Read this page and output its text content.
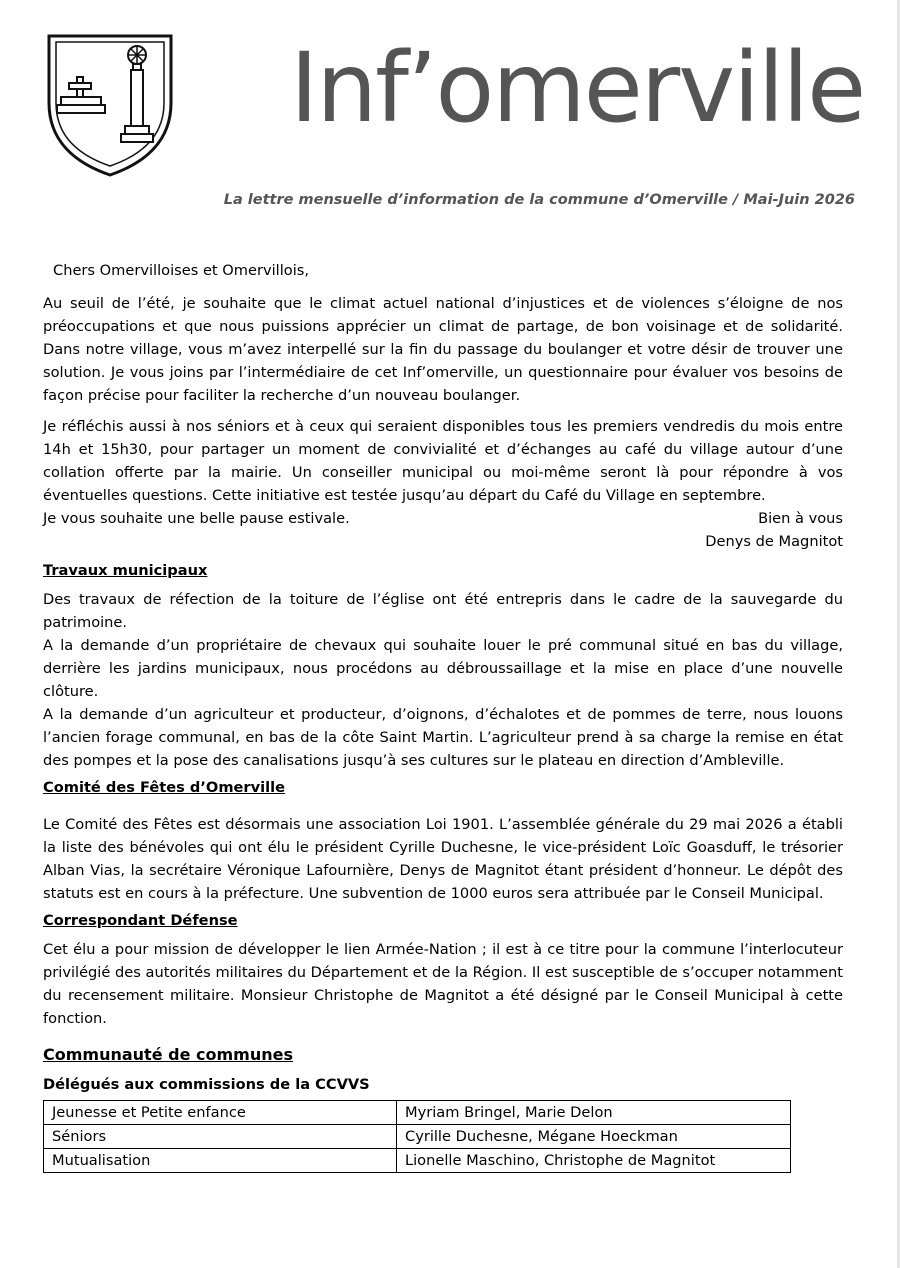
Inf’omerville
La lettre mensuelle d’information de la commune d’Omerville / Mai-Juin 2026
Chers Omervilloises et Omervillois,

Au seuil de l’été, je souhaite que le climat actuel national d’injustices et de violences s’éloigne de nos préoccupations et que nous puissions apprécier un climat de partage, de bon voisinage et de solidarité. Dans notre village, vous m’avez interpellé sur la fin du passage du boulanger et votre désir de trouver une solution. Je vous joins par l’intermédiaire de cet Inf’omerville, un questionnaire pour évaluer vos besoins de façon précise pour faciliter la recherche d’un nouveau boulanger.

Je réfléchis aussi à nos séniors et à ceux qui seraient disponibles tous les premiers vendredis du mois entre 14h et 15h30, pour partager un moment de convivialité et d’échanges au café du village autour d’une collation offerte par la mairie. Un conseiller municipal ou moi-même seront là pour répondre à vos éventuelles questions. Cette initiative est testée jusqu’au départ du Café du Village en septembre.

Je vous souhaite une belle pause estivale.	Bien à vous
Denys de Magnitot
Travaux municipaux

Des travaux de réfection de la toiture de l’église ont été entrepris dans le cadre de la sauvegarde du patrimoine.

A la demande d’un propriétaire de chevaux qui souhaite louer le pré communal situé en bas du village, derrière les jardins municipaux, nous procédons au débroussaillage et la mise en place d’une nouvelle clôture.

A la demande d’un agriculteur et producteur, d’oignons, d’échalotes et de pommes de terre, nous louons l’ancien forage communal, en bas de la côte Saint Martin. L’agriculteur prend à sa charge la remise en état des pompes et la pose des canalisations jusqu’à ses cultures sur le plateau en direction d’Ambleville.

Comité des Fêtes d’Omerville

Le Comité des Fêtes est désormais une association Loi 1901. L’assemblée générale du 29 mai 2026 a établi la liste des bénévoles qui ont élu le président Cyrille Duchesne, le vice-président Loïc Goasduff, le trésorier Alban Vias, la secrétaire Véronique Lafournière, Denys de Magnitot étant président d’honneur. Le dépôt des statuts est en cours à la préfecture. Une subvention de 1000 euros sera attribuée par le Conseil Municipal.

Correspondant Défense

Cet élu a pour mission de développer le lien Armée-Nation ; il est à ce titre pour la commune l’interlocuteur privilégié des autorités militaires du Département et de la Région. Il est susceptible de s’occuper notamment du recensement militaire. Monsieur Christophe de Magnitot a été désigné par le Conseil Municipal à cette fonction.

Communauté de communes
Délégués aux commissions de la CCVVS
Jeunesse et Petite enfance	Myriam Bringel, Marie Delon
Séniors	Cyrille Duchesne, Mégane Hoeckman
Mutualisation	Lionelle Maschino, Christophe de Magnitot
